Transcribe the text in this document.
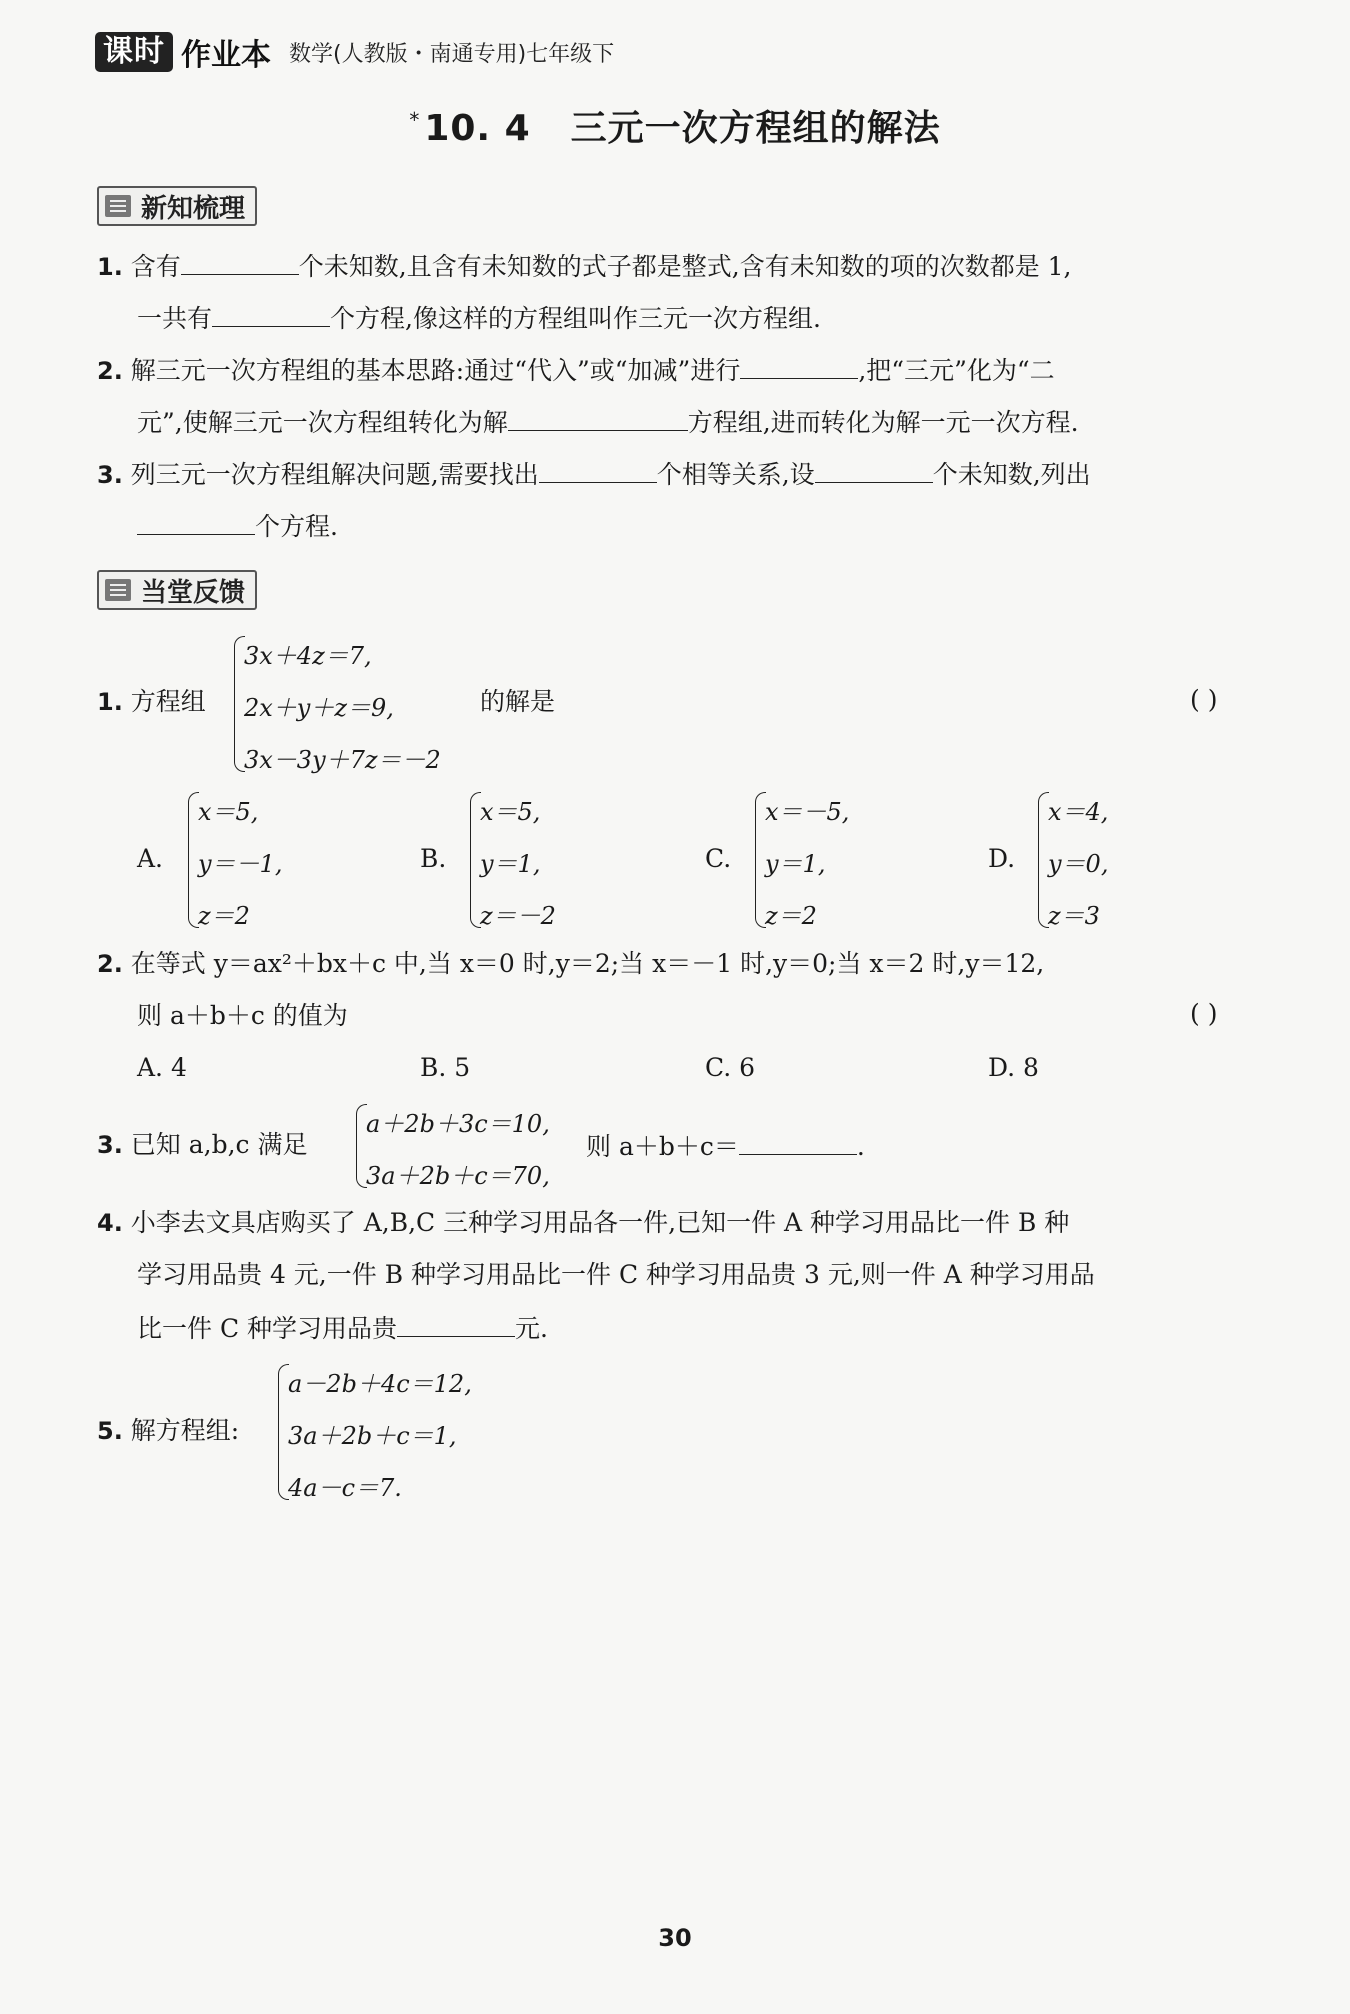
课时 作业本 数学(人教版・南通专用)七年级下
* 10. 4 三元一次方程组的解法
新知梳理
1. 含有	个未知数,且含有未知数的式子都是整式,含有未知数的项的次数都是 1,
一共有	个方程,像这样的方程组叫作三元一次方程组.
2. 解三元一次方程组的基本思路:通过“代入”或“加减”进行	,把“三元”化为“二
元”,使解三元一次方程组转化为解	方程组,进而转化为解一元一次方程.
3. 列三元一次方程组解决问题,需要找出	个相等关系,设	个未知数,列出
个方程.
当堂反馈
1. 方程组
3x＋4z＝7,
2x＋y＋z＝9,
3x－3y＋7z＝－2
的解是	( )
A.
x＝5,
y＝－1,
z＝2
B.
x＝5,
y＝1,
z＝－2
C.
x＝－5,
y＝1,
z＝2
D.
x＝4,
y＝0,
z＝3
2. 在等式 y＝ax²＋bx＋c 中,当 x＝0 时,y＝2;当 x＝－1 时,y＝0;当 x＝2 时,y＝12,
则 a＋b＋c 的值为	( )
A. 4	B. 5	C. 6	D. 8
3. 已知 a,b,c 满足
a＋2b＋3c＝10,
3a＋2b＋c＝70,
则 a＋b＋c＝	.
4. 小李去文具店购买了 A,B,C 三种学习用品各一件,已知一件 A 种学习用品比一件 B 种
学习用品贵 4 元,一件 B 种学习用品比一件 C 种学习用品贵 3 元,则一件 A 种学习用品
比一件 C 种学习用品贵	元.
5. 解方程组:
a－2b＋4c＝12,
3a＋2b＋c＝1,
4a－c＝7.
30
